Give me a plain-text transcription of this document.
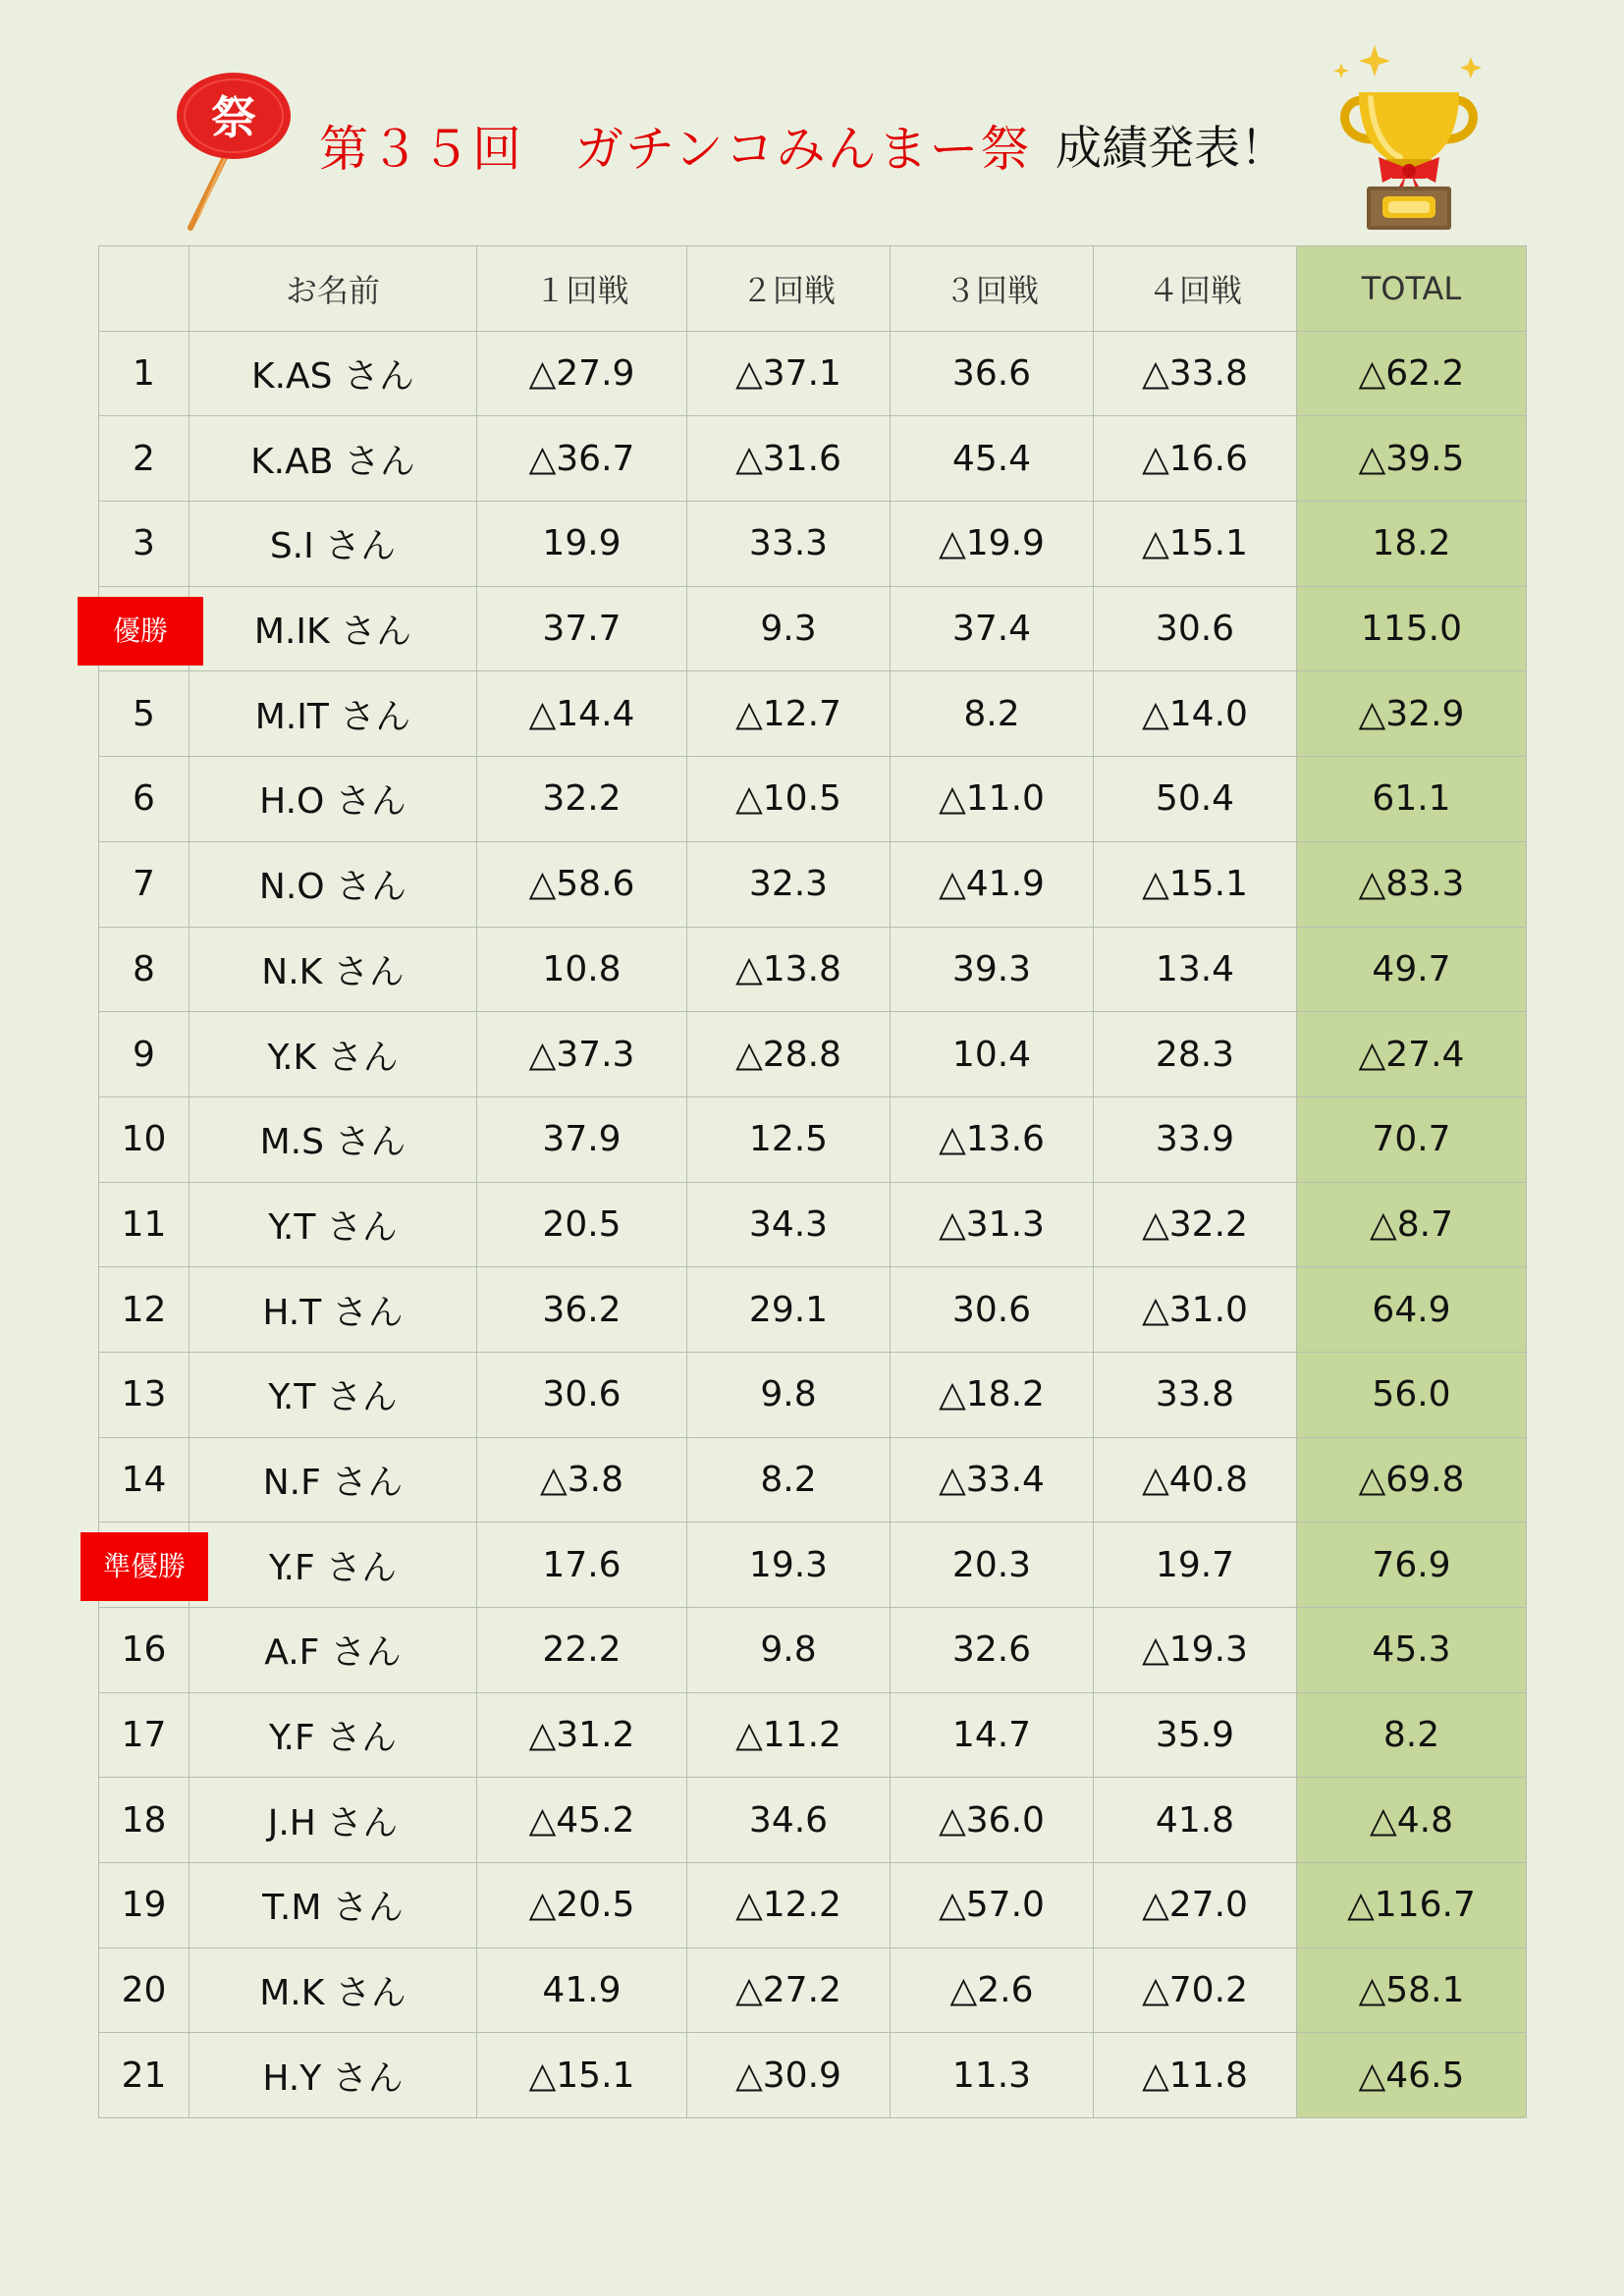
祭
第３５回　ガチンコみんまー祭 成績発表！
	お名前	１回戦	２回戦	３回戦	４回戦	TOTAL
1	K.AS さん	△27.9	△37.1	36.6	△33.8	△62.2
2	K.AB さん	△36.7	△31.6	45.4	△16.6	△39.5
3	S.I さん	19.9	33.3	△19.9	△15.1	18.2

優勝	M.IK さん	37.7	9.3	37.4	30.6	115.0
5	M.IT さん	△14.4	△12.7	8.2	△14.0	△32.9
6	H.O さん	32.2	△10.5	△11.0	50.4	61.1
7	N.O さん	△58.6	32.3	△41.9	△15.1	△83.3
8	N.K さん	10.8	△13.8	39.3	13.4	49.7
9	Y.K さん	△37.3	△28.8	10.4	28.3	△27.4
10	M.S さん	37.9	12.5	△13.6	33.9	70.7
11	Y.T さん	20.5	34.3	△31.3	△32.2	△8.7
12	H.T さん	36.2	29.1	30.6	△31.0	64.9
13	Y.T さん	30.6	9.8	△18.2	33.8	56.0
14	N.F さん	△3.8	8.2	△33.4	△40.8	△69.8

準優勝	Y.F さん	17.6	19.3	20.3	19.7	76.9
16	A.F さん	22.2	9.8	32.6	△19.3	45.3
17	Y.F さん	△31.2	△11.2	14.7	35.9	8.2
18	J.H さん	△45.2	34.6	△36.0	41.8	△4.8
19	T.M さん	△20.5	△12.2	△57.0	△27.0	△116.7
20	M.K さん	41.9	△27.2	△2.6	△70.2	△58.1
21	H.Y さん	△15.1	△30.9	11.3	△11.8	△46.5
